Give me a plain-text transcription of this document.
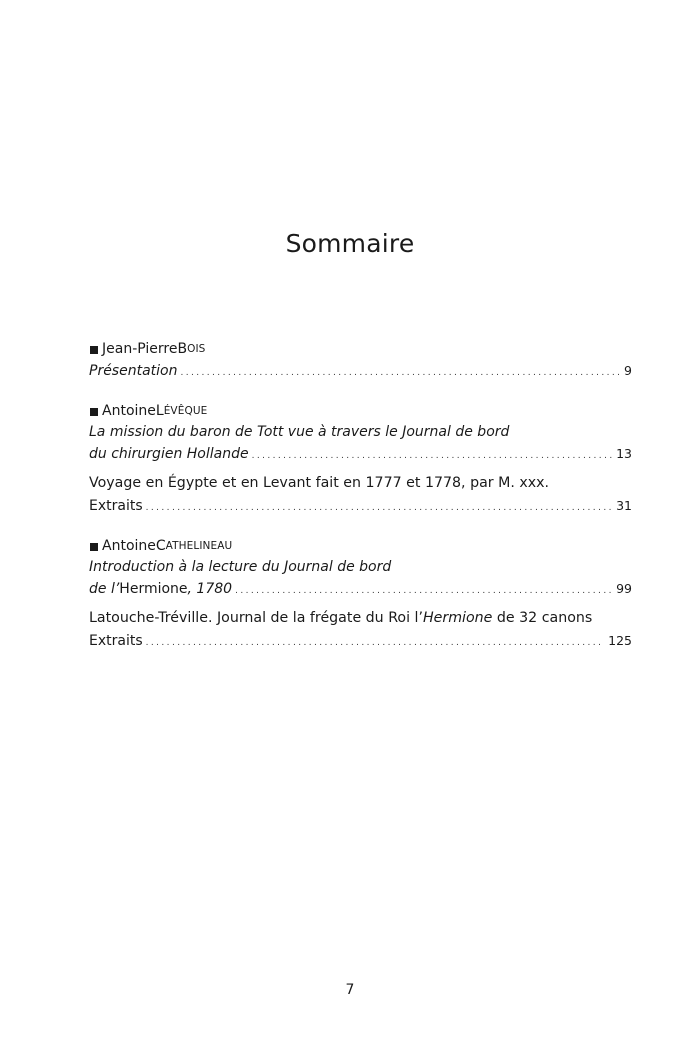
Sommaire
Jean-Pierre B OIS
Présentation .....	9
Antoine L ÉVÊQUE
La mission du baron de Tott vue à travers le Journal de bord
du chirurgien Hollande .....	13
Voyage en Égypte et en Levant fait en 1777 et 1778, par M. xxx.
Extraits .....	31
Antoine C ATHELINEAU
Introduction à la lecture du Journal de bord
de l’Hermione, 1780 .....	99
Latouche-Tréville. Journal de la frégate du Roi l’Hermione de 32 canons
Extraits .....	125
7
